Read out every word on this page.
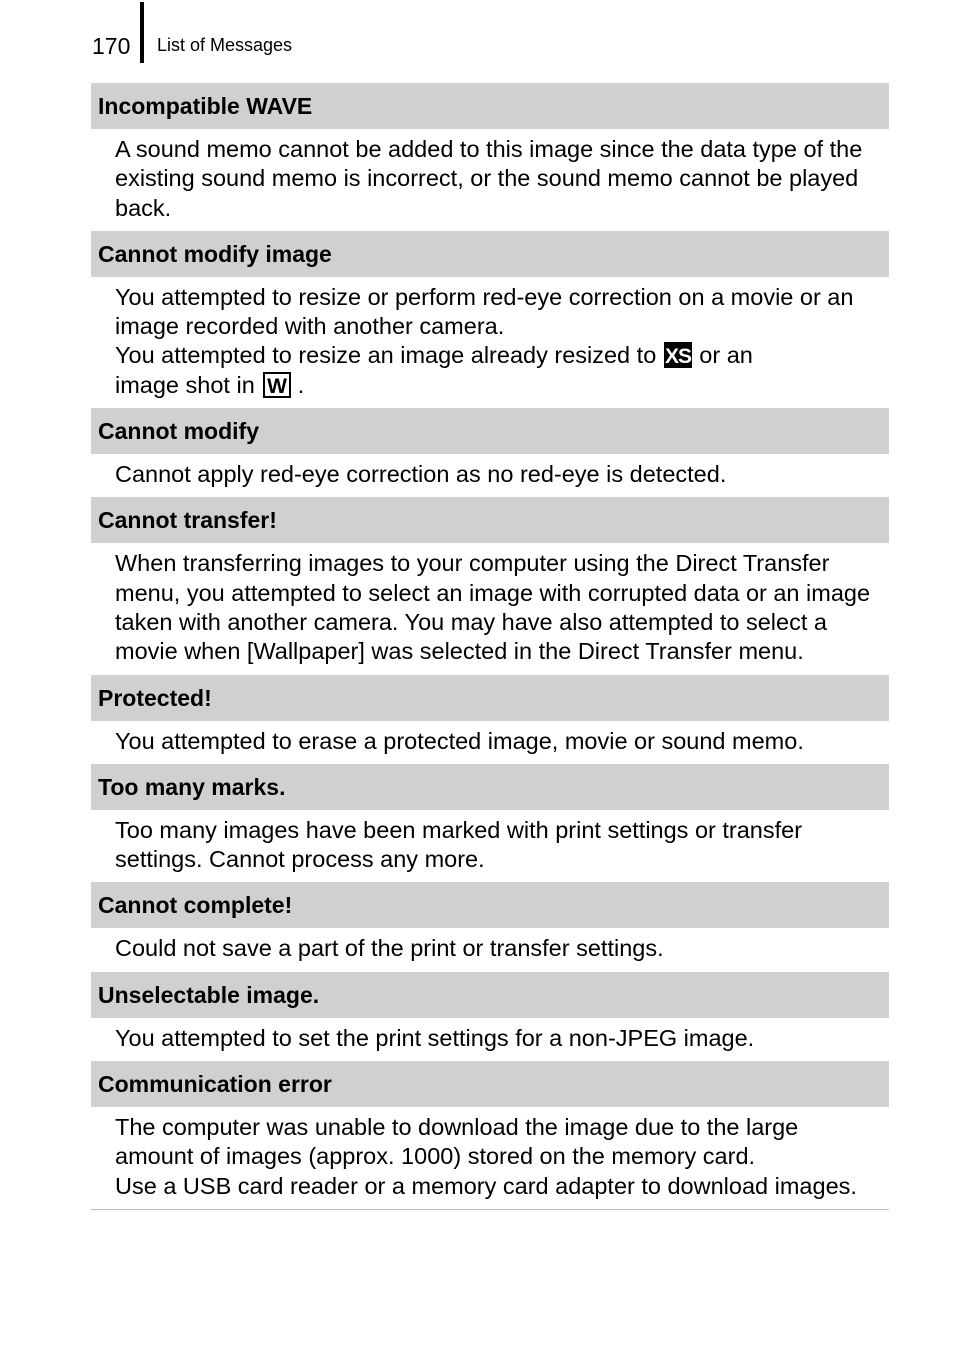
170 List of Messages
Incompatible WAVE

A sound memo cannot be added to this image since the data type of the existing sound memo is incorrect, or the sound memo cannot be played back.

Cannot modify image

You attempted to resize or perform red-eye correction on a movie or an image recorded with another camera.

You attempted to resize an image already resized to XS or an
image shot in W .

Cannot modify

Cannot apply red-eye correction as no red-eye is detected.

Cannot transfer!

When transferring images to your computer using the Direct Transfer menu, you attempted to select an image with corrupted data or an image taken with another camera. You may have also attempted to select a movie when [Wallpaper] was selected in the Direct Transfer menu.

Protected!

You attempted to erase a protected image, movie or sound memo.

Too many marks.

Too many images have been marked with print settings or transfer settings. Cannot process any more.

Cannot complete!

Could not save a part of the print or transfer settings.

Unselectable image.

You attempted to set the print settings for a non-JPEG image.

Communication error

The computer was unable to download the image due to the large amount of images (approx. 1000) stored on the memory card.

Use a USB card reader or a memory card adapter to download images.
